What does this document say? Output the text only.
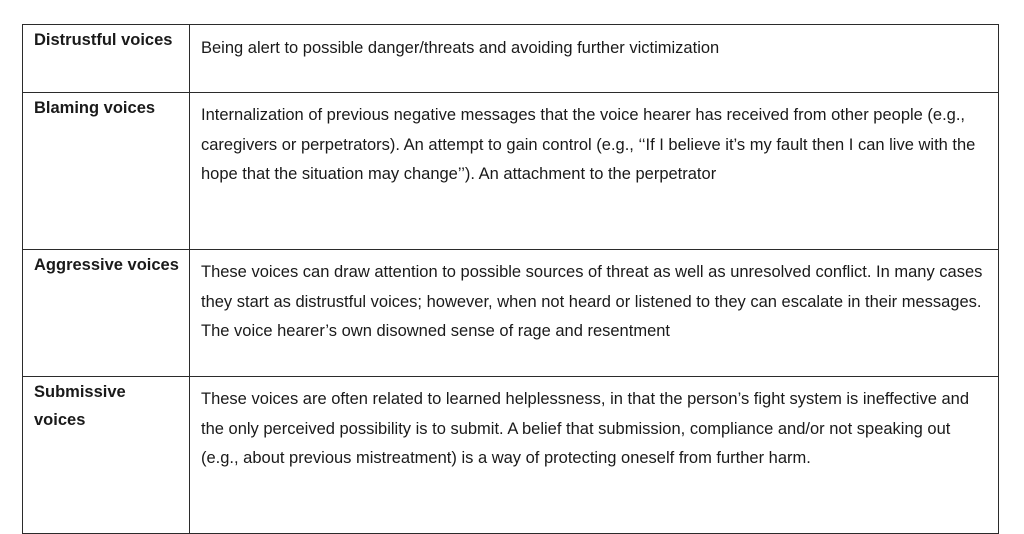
Distrustful voices	Being alert to possible danger/threats and avoiding further victimization
Blaming voices	Internalization of previous negative messages that the voice hearer has received from other people (e.g., caregivers or perpetrators). An attempt to gain control (e.g., ‘‘If I believe it’s my fault then I can live with the hope that the situation may change’’). An attachment to the perpetrator
Aggressive voices	These voices can draw attention to possible sources of threat as well as unresolved conflict. In many cases they start as distrustful voices; however, when not heard or listened to they can escalate in their messages. The voice hearer’s own disowned sense of rage and resentment
Submissive voices	These voices are often related to learned helplessness, in that the person’s fight system is ineffective and the only perceived possibility is to submit. A belief that submission, compliance and/or not speaking out (e.g., about previous mistreatment) is a way of protecting oneself from further harm.
